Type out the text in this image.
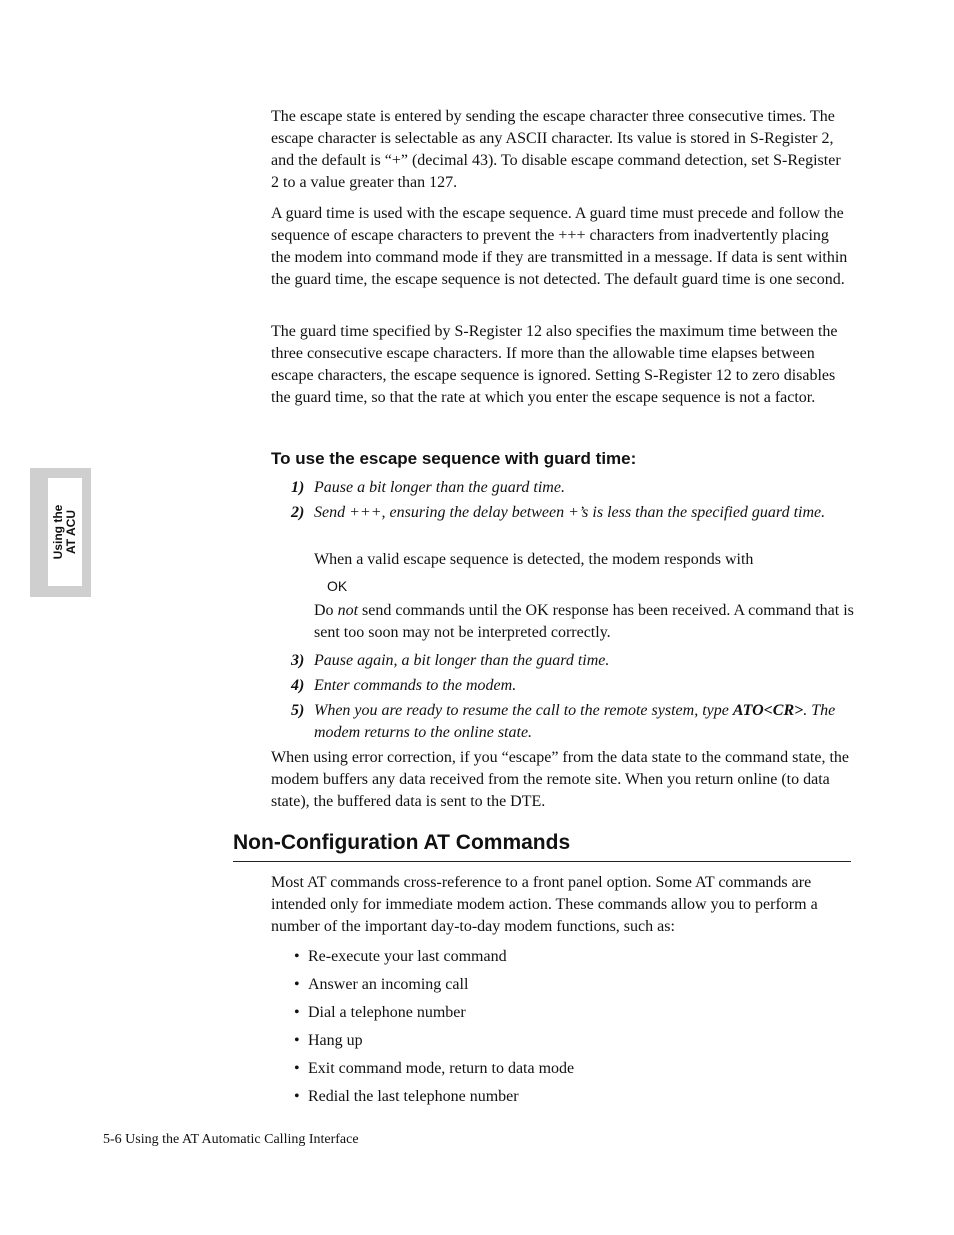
Using the AT ACU

The escape state is entered by sending the escape character three consecutive times. The escape character is selectable as any ASCII character. Its value is stored in S-Register 2, and the default is “+” (decimal 43). To disable escape command detection, set S-Register 2 to a value greater than 127.

A guard time is used with the escape sequence. A guard time must precede and follow the sequence of escape characters to prevent the +++ characters from inadvertently placing the modem into command mode if they are transmitted in a message. If data is sent within the guard time, the escape sequence is not detected. The default guard time is one second.

The guard time specified by S-Register 12 also specifies the maximum time between the three consecutive escape characters. If more than the allowable time elapses between escape characters, the escape sequence is ignored. Setting S-Register 12 to zero disables the guard time, so that the rate at which you enter the escape sequence is not a factor.

To use the escape sequence with guard time:
1) Pause a bit longer than the guard time.
2) Send +++, ensuring the delay between +’s is less than the specified guard time.
When a valid escape sequence is detected, the modem responds with
OK
Do not send commands until the OK response has been received. A command that is sent too soon may not be interpreted correctly.
3) Pause again, a bit longer than the guard time.
4) Enter commands to the modem.
5) When you are ready to resume the call to the remote system, type ATO<CR>. The modem returns to the online state.

When using error correction, if you “escape” from the data state to the command state, the modem buffers any data received from the remote site. When you return online (to data state), the buffered data is sent to the DTE.

Non-Configuration AT Commands

Most AT commands cross-reference to a front panel option. Some AT commands are intended only for immediate modem action. These commands allow you to perform a number of the important day-to-day modem functions, such as:

• Re-execute your last command
• Answer an incoming call
• Dial a telephone number
• Hang up
• Exit command mode, return to data mode
• Redial the last telephone number
5-6 Using the AT Automatic Calling Interface
